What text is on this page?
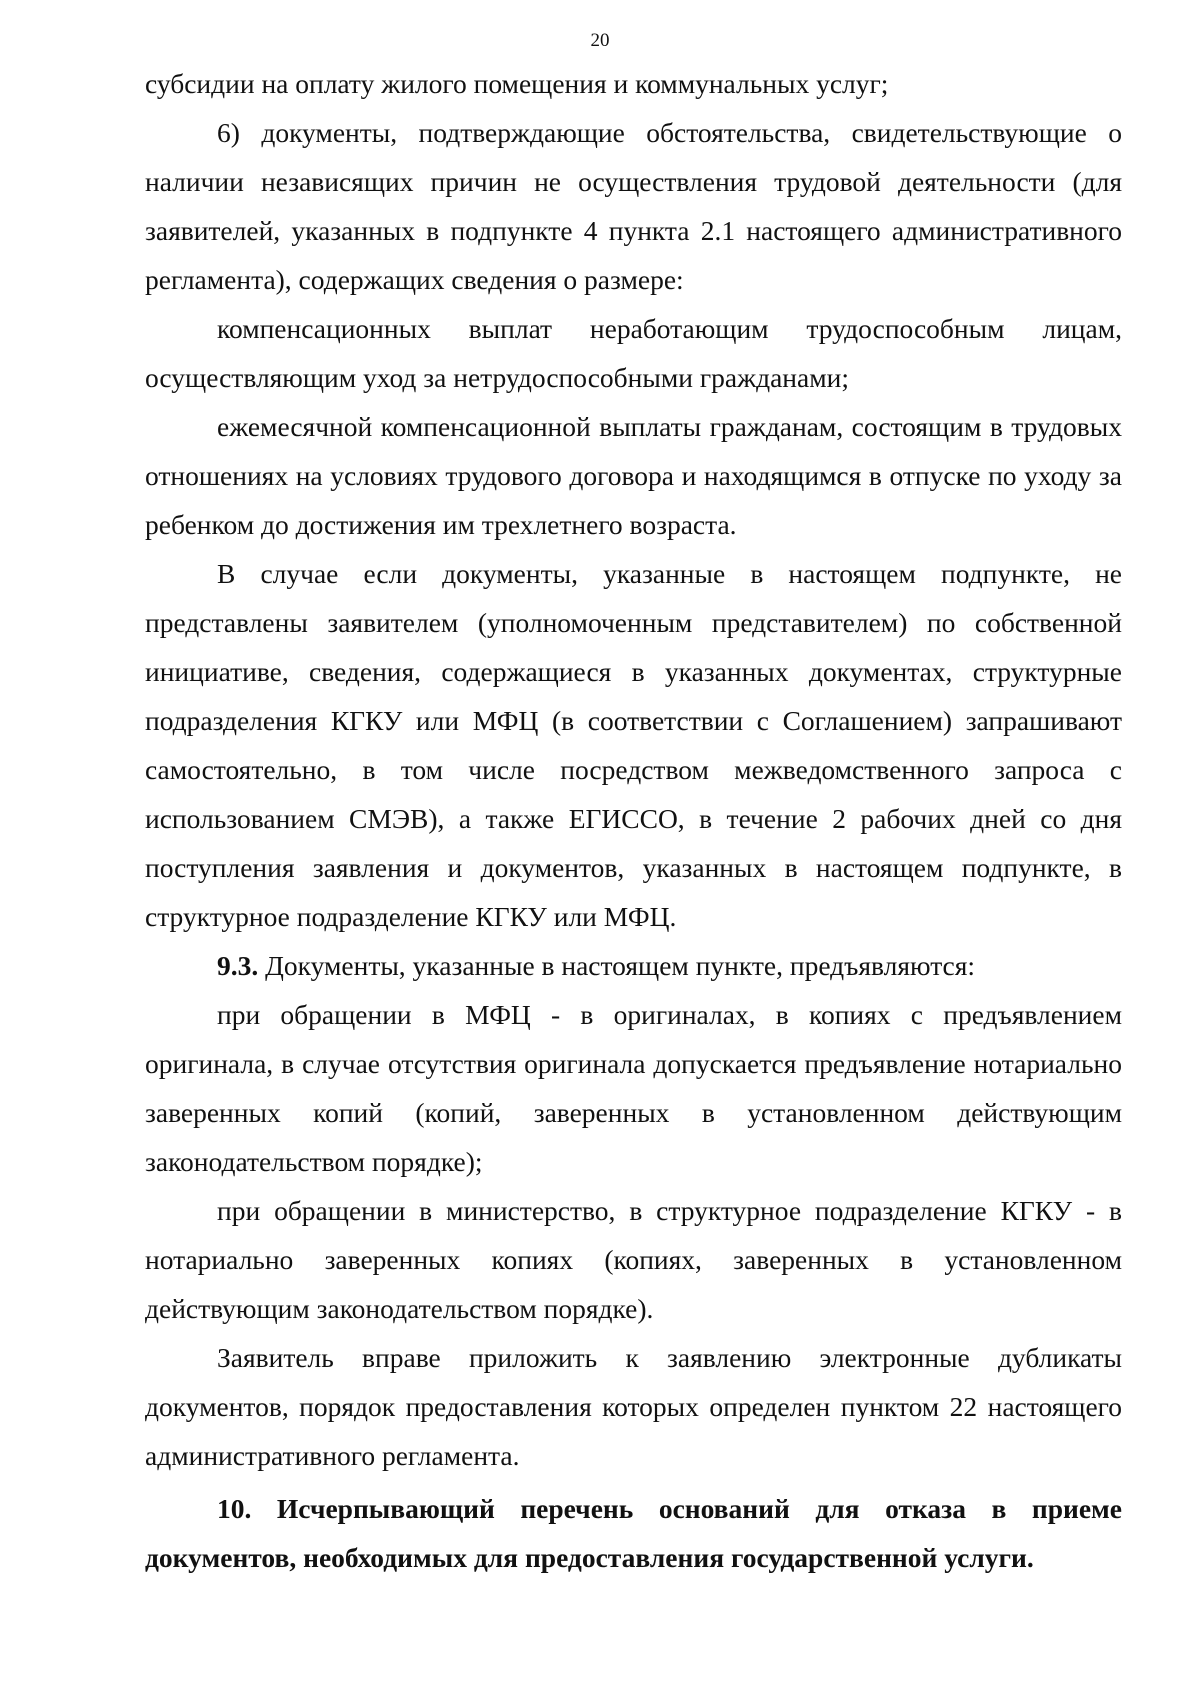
20

субсидии на оплату жилого помещения и коммунальных услуг;

6) документы, подтверждающие обстоятельства, свидетельствующие о наличии независящих причин не осуществления трудовой деятельности (для заявителей, указанных в подпункте 4 пункта 2.1 настоящего административного регламента), содержащих сведения о размере:

компенсационных выплат неработающим трудоспособным лицам, осуществляющим уход за нетрудоспособными гражданами;

ежемесячной компенсационной выплаты гражданам, состоящим в трудовых отношениях на условиях трудового договора и находящимся в отпуске по уходу за ребенком до достижения им трехлетнего возраста.

В случае если документы, указанные в настоящем подпункте, не представлены заявителем (уполномоченным представителем) по собственной инициативе, сведения, содержащиеся в указанных документах, структурные подразделения КГКУ или МФЦ (в соответствии с Соглашением) запрашивают самостоятельно, в том числе посредством межведомственного запроса с использованием СМЭВ), а также ЕГИССО, в течение 2 рабочих дней со дня поступления заявления и документов, указанных в настоящем подпункте, в структурное подразделение КГКУ или МФЦ.

9.3. Документы, указанные в настоящем пункте, предъявляются:

при обращении в МФЦ - в оригиналах, в копиях с предъявлением оригинала, в случае отсутствия оригинала допускается предъявление нотариально заверенных копий (копий, заверенных в установленном действующим законодательством порядке);

при обращении в министерство, в структурное подразделение КГКУ - в нотариально заверенных копиях (копиях, заверенных в установленном действующим законодательством порядке).

Заявитель вправе приложить к заявлению электронные дубликаты документов, порядок предоставления которых определен пунктом 22 настоящего административного регламента.

10. Исчерпывающий перечень оснований для отказа в приеме документов, необходимых для предоставления государственной услуги.
